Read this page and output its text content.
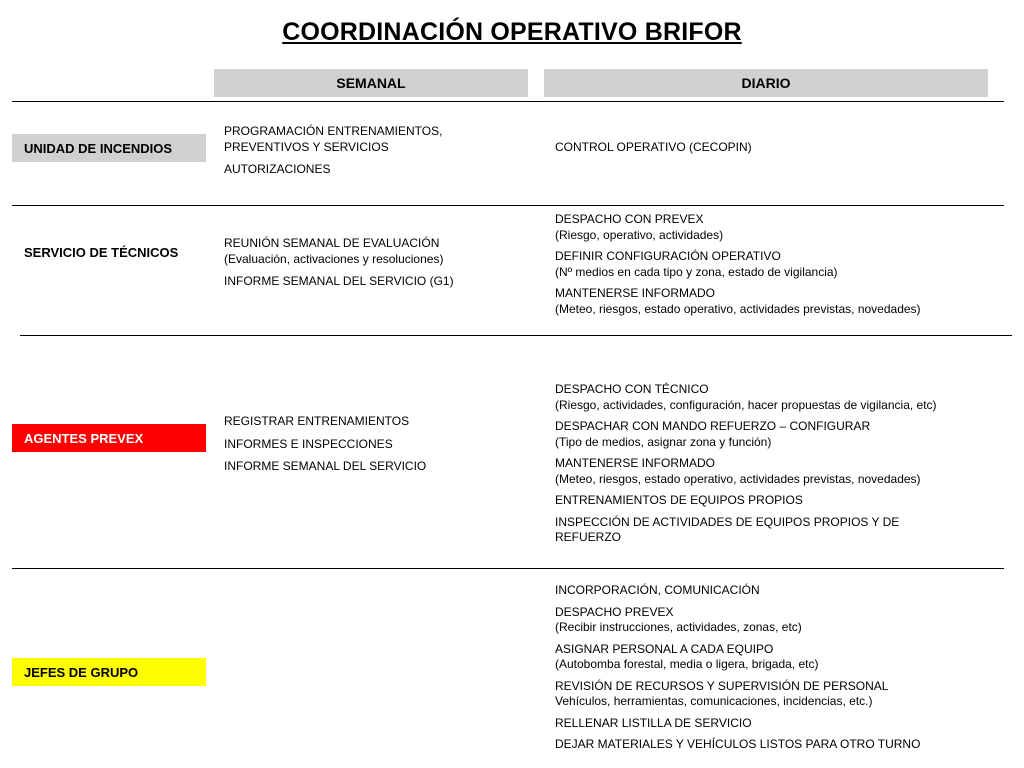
COORDINACIÓN OPERATIVO BRIFOR
SEMANAL	DIARIO
UNIDAD DE INCENDIOS
SERVICIO DE TÉCNICOS
AGENTES PREVEX
JEFES DE GRUPO
PROGRAMACIÓN ENTRENAMIENTOS,
PREVENTIVOS Y SERVICIOS
AUTORIZACIONES
CONTROL OPERATIVO (CECOPIN)
REUNIÓN SEMANAL DE EVALUACIÓN
(Evaluación, activaciones y resoluciones)
INFORME SEMANAL DEL SERVICIO (G1)
DESPACHO CON PREVEX
(Riesgo, operativo, actividades)
DEFINIR CONFIGURACIÓN OPERATIVO
(Nº medios en cada tipo y zona, estado de vigilancia)
MANTENERSE INFORMADO
(Meteo, riesgos, estado operativo, actividades previstas, novedades)
REGISTRAR ENTRENAMIENTOS
INFORMES E INSPECCIONES
INFORME SEMANAL DEL SERVICIO
DESPACHO CON TÉCNICO
(Riesgo, actividades, configuración, hacer propuestas de vigilancia, etc)
DESPACHAR CON MANDO REFUERZO – CONFIGURAR
(Tipo de medios, asignar zona y función)
MANTENERSE INFORMADO
(Meteo, riesgos, estado operativo, actividades previstas, novedades)
ENTRENAMIENTOS DE EQUIPOS PROPIOS
INSPECCIÓN DE ACTIVIDADES DE EQUIPOS PROPIOS Y DE
REFUERZO
INCORPORACIÓN, COMUNICACIÓN
DESPACHO PREVEX
(Recibir instrucciones, actividades, zonas, etc)
ASIGNAR PERSONAL A CADA EQUIPO
(Autobomba forestal, media o ligera, brigada, etc)
REVISIÓN DE RECURSOS Y SUPERVISIÓN DE PERSONAL
Vehículos, herramientas, comunicaciones, incidencias, etc.)
RELLENAR LISTILLA DE SERVICIO
DEJAR MATERIALES Y VEHÍCULOS LISTOS PARA OTRO TURNO
